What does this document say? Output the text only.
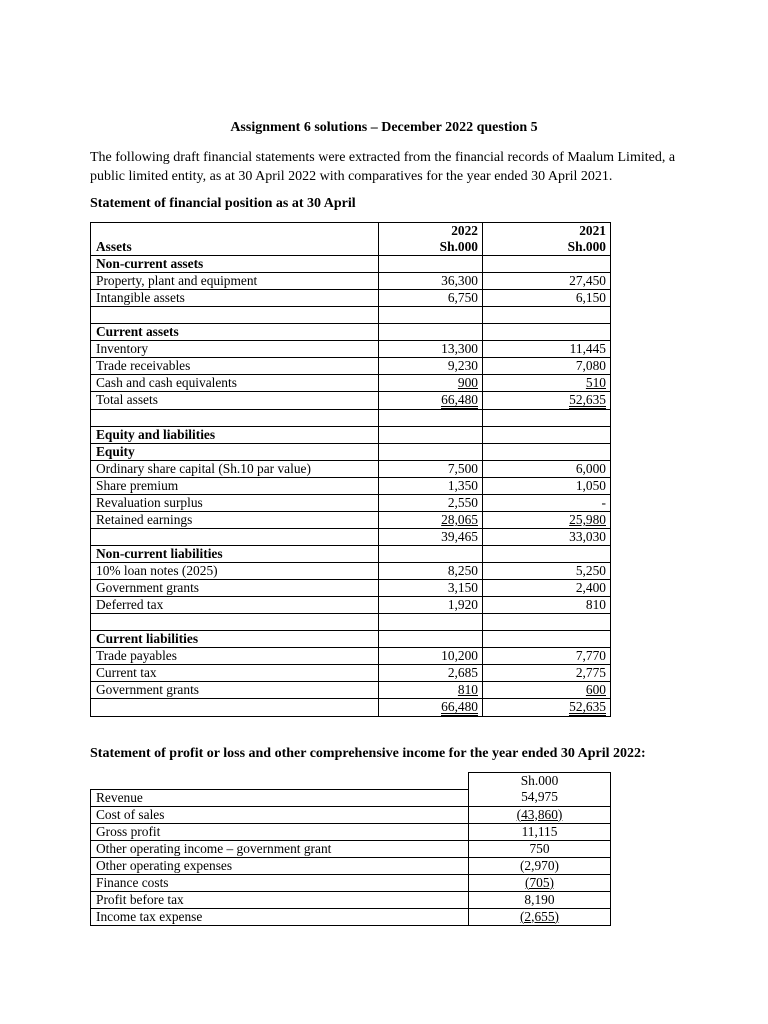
Assignment 6 solutions – December 2022 question 5
The following draft financial statements were extracted from the financial records of Maalum Limited, a public limited entity, as at 30 April 2022 with comparatives for the year ended 30 April 2021.
Statement of financial position as at 30 April
	2022	2021
Assets	Sh.000	Sh.000
Non-current assets		
Property, plant and equipment	36,300	27,450
Intangible assets	6,750	6,150

Current assets		
Inventory	13,300	11,445
Trade receivables	9,230	7,080
Cash and cash equivalents	900	510
Total assets	66,480	52,635

Equity and liabilities		
Equity		
Ordinary share capital (Sh.10 par value)	7,500	6,000
Share premium	1,350	1,050
Revaluation surplus	2,550	-
Retained earnings	28,065	25,980
	39,465	33,030
Non-current liabilities		
10% loan notes (2025)	8,250	5,250
Government grants	3,150	2,400
Deferred tax	1,920	810

Current liabilities		
Trade payables	10,200	7,770
Current tax	2,685	2,775
Government grants	810	600
	66,480	52,635
Statement of profit or loss and other comprehensive income for the year ended 30 April 2022:
	Sh.000
Revenue	54,975
Cost of sales	(43,860)
Gross profit	11,115
Other operating income – government grant	750
Other operating expenses	(2,970)
Finance costs	(705)
Profit before tax	8,190
Income tax expense	(2,655)
